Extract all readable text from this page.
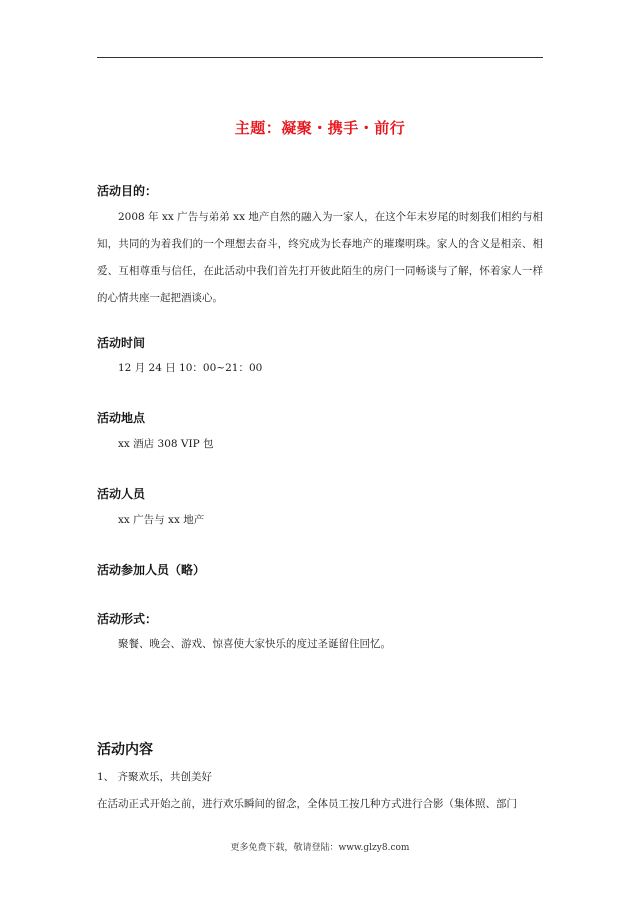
主题：凝聚・携手・前行
活动目的：
2008 年 xx 广告与弟弟 xx 地产自然的融入为一家人，在这个年末岁尾的时刻我们相约与相知，共同的为着我们的一个理想去奋斗，终究成为长春地产的璀璨明珠。家人的含义是相亲、相爱、互相尊重与信任，在此活动中我们首先打开彼此陌生的房门一同畅谈与了解，怀着家人一样的心情共座一起把酒谈心。
活动时间
12 月 24 日 10：00~21：00
活动地点
xx 酒店 308 VIP 包
活动人员
xx 广告与 xx 地产
活动参加人员（略）
活动形式：
聚餐、晚会、游戏、惊喜使大家快乐的度过圣诞留住回忆。
活动内容
1、 齐聚欢乐，共创美好
在活动正式开始之前，进行欢乐瞬间的留念，全体员工按几种方式进行合影（集体照、部门
更多免费下载，敬请登陆：www.glzy8.com
